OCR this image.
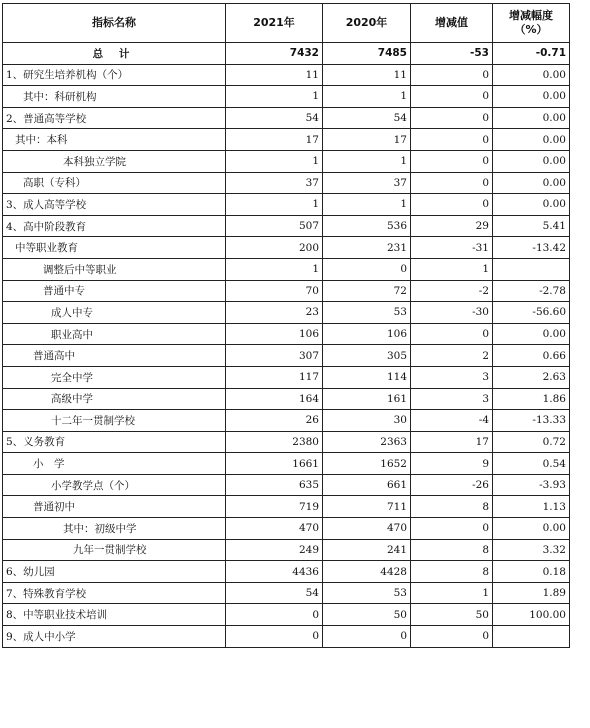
指标名称	2021年	2020年	增减值	增减幅度（%）
总 计	7432	7485	-53	-0.71
1、研究生培养机构（个）	11	11	0	0.00
其中：科研机构	1	1	0	0.00
2、普通高等学校	54	54	0	0.00
其中：本科	17	17	0	0.00
本科独立学院	1	1	0	0.00
高职（专科）	37	37	0	0.00
3、成人高等学校	1	1	0	0.00
4、高中阶段教育	507	536	29	5.41
中等职业教育	200	231	-31	-13.42
调整后中等职业	1	0	1	
普通中专	70	72	-2	-2.78
成人中专	23	53	-30	-56.60
职业高中	106	106	0	0.00
普通高中	307	305	2	0.66
完全中学	117	114	3	2.63
高级中学	164	161	3	1.86
十二年一贯制学校	26	30	-4	-13.33
5、义务教育	2380	2363	17	0.72
小　学	1661	1652	9	0.54
小学教学点（个）	635	661	-26	-3.93
普通初中	719	711	8	1.13
其中：初级中学	470	470	0	0.00
九年一贯制学校	249	241	8	3.32
6、幼儿园	4436	4428	8	0.18
7、特殊教育学校	54	53	1	1.89
8、中等职业技术培训	0	50	50	100.00
9、成人中小学	0	0	0	
